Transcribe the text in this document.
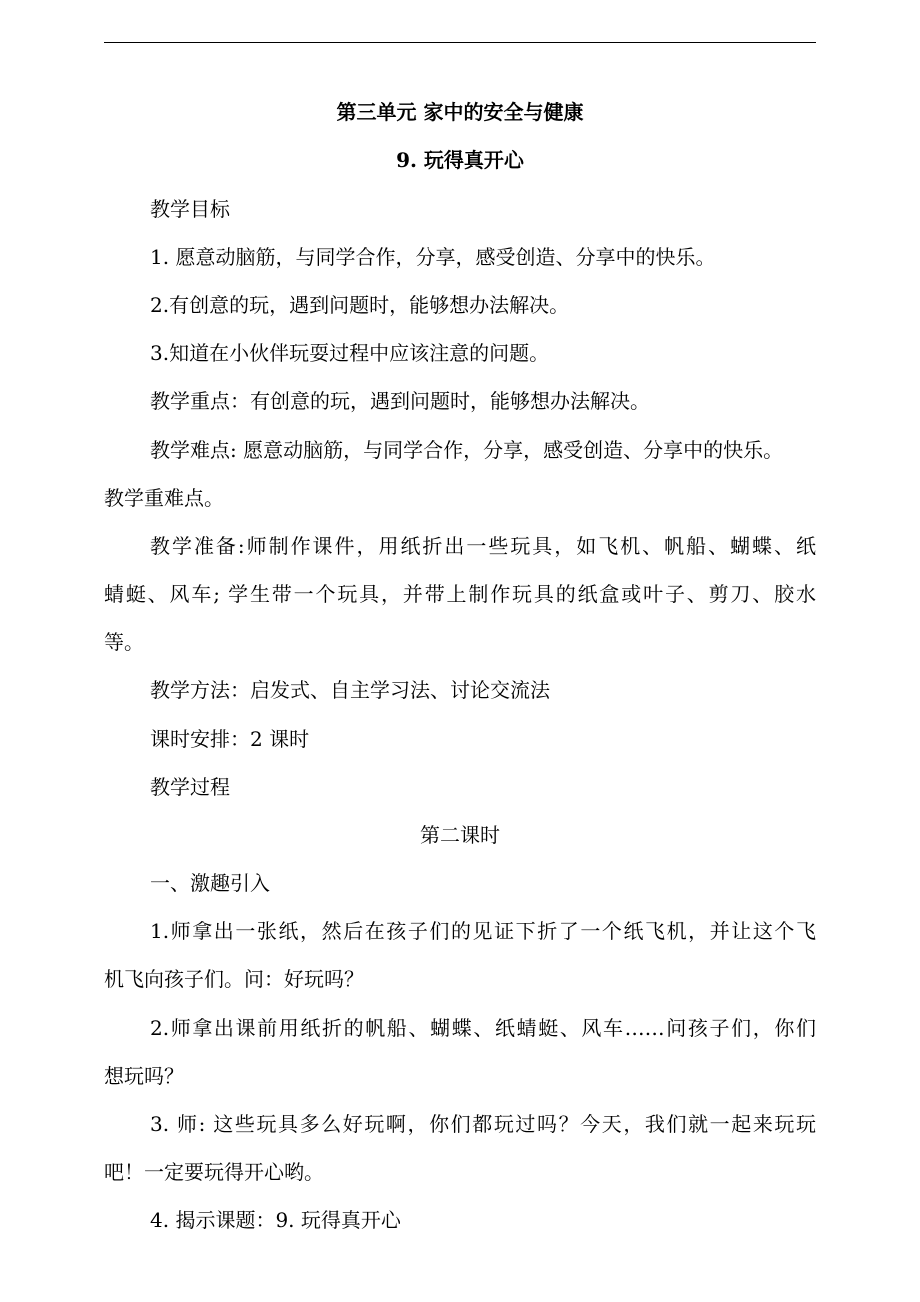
第三单元 家中的安全与健康
9. 玩得真开心
教学目标
1. 愿意动脑筋，与同学合作，分享，感受创造、分享中的快乐。
2.有创意的玩，遇到问题时，能够想办法解决。
3.知道在小伙伴玩耍过程中应该注意的问题。
教学重点：有创意的玩，遇到问题时，能够想办法解决。
教学难点: 愿意动脑筋，与同学合作，分享，感受创造、分享中的快乐。
教学重难点。
教学准备:师制作课件，用纸折出一些玩具，如飞机、帆船、蝴蝶、纸
蜻蜓、风车; 学生带一个玩具，并带上制作玩具的纸盒或叶子、剪刀、胶水
等。
教学方法：启发式、自主学习法、讨论交流法
课时安排：2 课时
教学过程
第二课时
一、激趣引入
1.师拿出一张纸，然后在孩子们的见证下折了一个纸飞机，并让这个飞
机飞向孩子们。问：好玩吗？
2.师拿出课前用纸折的帆船、蝴蝶、纸蜻蜓、风车……问孩子们，你们
想玩吗？
3. 师: 这些玩具多么好玩啊，你们都玩过吗？今天，我们就一起来玩玩
吧！一定要玩得开心哟。
4. 揭示课题：9. 玩得真开心
